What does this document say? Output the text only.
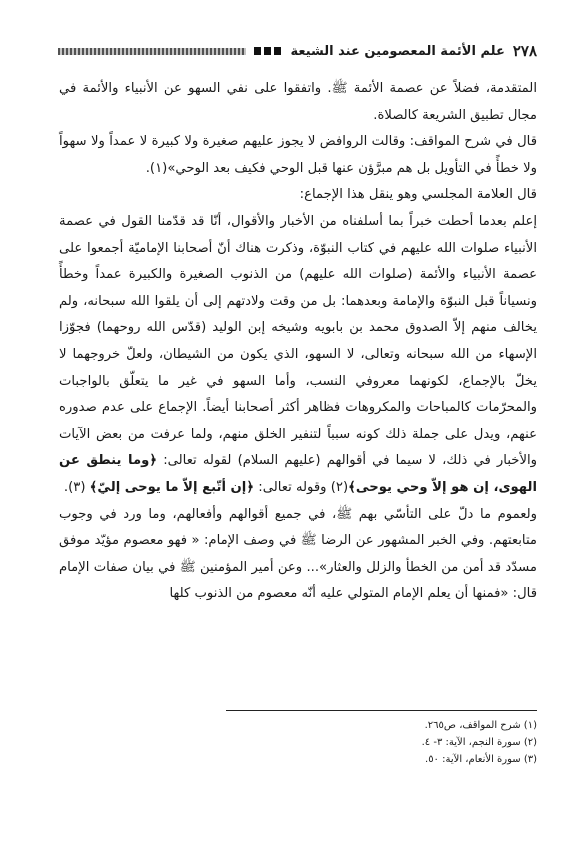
٢٧٨
علم الأئمة المعصومين عند الشيعة

المتقدمة، فضلاً عن عصمة الأئمة ﷺ. واتفقوا على نفي السهو عن الأنبياء والأئمة في مجال تطبيق الشريعة كالصلاة.

قال في شرح المواقف: وقالت الروافض لا يجوز عليهم صغيرة ولا كبيرة لا عمداً ولا سهواً ولا خطأً في التأويل بل هم مبرَّؤن عنها قبل الوحي فكيف بعد الوحي»(١).

قال العلامة المجلسي وهو ينقل هذا الإجماع:

إعلم بعدما أحطت خبراً بما أسلفناه من الأخبار والأقوال، أنّا قد قدّمنا القول في عصمة الأنبياء صلوات الله عليهم في كتاب النبوّة، وذكرت هناك أنّ أصحابنا الإماميّة أجمعوا على عصمة الأنبياء والأئمة (صلوات الله عليهم) من الذنوب الصغيرة والكبيرة عمداً وخطأً ونسياناً قبل النبوّة والإمامة وبعدهما: بل من وقت ولادتهم إلى أن يلقوا الله سبحانه، ولم يخالف منهم إلاّ الصدوق محمد بن بابويه وشيخه إبن الوليد (قدّس الله روحهما) فجوّزا الإسهاء من الله سبحانه وتعالى، لا السهو، الذي يكون من الشيطان، ولعلّ خروجهما لا يخلّ بالإجماع، لكونهما معروفي النسب، وأما السهو في غير ما يتعلّق بالواجبات والمحرّمات كالمباحات والمكروهات فظاهر أكثر أصحابنا أيضاً. الإجماع على عدم صدوره عنهم، ويدل على جملة ذلك كونه سبباً لتنفير الخلق منهم، ولما عرفت من بعض الآيات والأخبار في ذلك، لا سيما في أقوالهم (عليهم السلام) لقوله تعالى: ﴿وما ينطق عن الهوى، إن هو إلاّ وحي يوحى﴾(٢) وقوله تعالى: ﴿إن أتّبع إلاّ ما يوحى إليّ﴾ (٣).

ولعموم ما دلّ على التأسّي بهم ﷺ، في جميع أقوالهم وأفعالهم، وما ورد في وجوب متابعتهم. وفي الخبر المشهور عن الرضا ﷺ في وصف الإمام: « فهو معصوم مؤيّد موفق مسدّد قد أمن من الخطأ والزلل والعثار»... وعن أمير المؤمنين ﷺ في بيان صفات الإمام قال: «فمنها أن يعلم الإمام المتولي عليه أنّه معصوم من الذنوب كلها

(١) شرح المواقف، ص٢٦٥.
(٢) سورة النجم، الآية: ٣- ٤.
(٣) سورة الأنعام، الآية: ٥٠.
